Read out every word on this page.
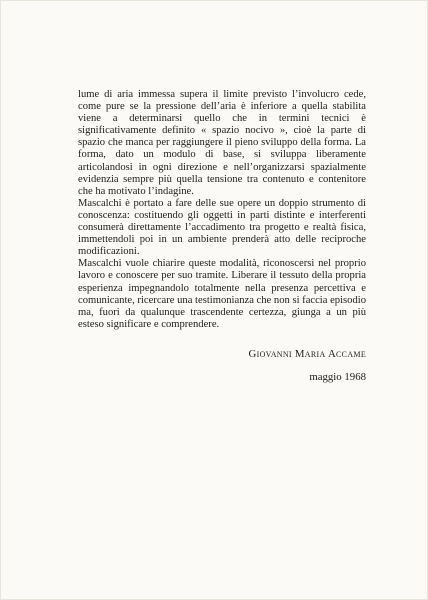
lume di aria immessa supera il limite previsto l’involucro cede, come pure se la pressione dell’aria è inferiore a quella stabilita viene a determinarsi quello che in termini tecnici è significativamente definito « spazio nocivo », cioè la parte di spazio che manca per raggiungere il pieno sviluppo della forma. La forma, dato un modulo di base, si sviluppa liberamente articolandosi in ogni direzione e nell’organizzarsi spazialmente evidenzia sempre più quella tensione tra contenuto e contenitore che ha motivato l’indagine.

Mascalchi è portato a fare delle sue opere un doppio strumento di conoscenza: costituendo gli oggetti in parti distinte e interferenti consumerà direttamente l’accadimento tra progetto e realtà fisica, immettendoli poi in un ambiente prenderà atto delle reciproche modificazioni.

Mascalchi vuole chiarire queste modalità, riconoscersi nel proprio lavoro e conoscere per suo tramite. Liberare il tessuto della propria esperienza impegnandolo totalmente nella presenza percettiva e comunicante, ricercare una testimonianza che non si faccia episodio ma, fuori da qualunque trascendente certezza, giunga a un più esteso significare e comprendere.

Giovanni Maria Accame
maggio 1968
